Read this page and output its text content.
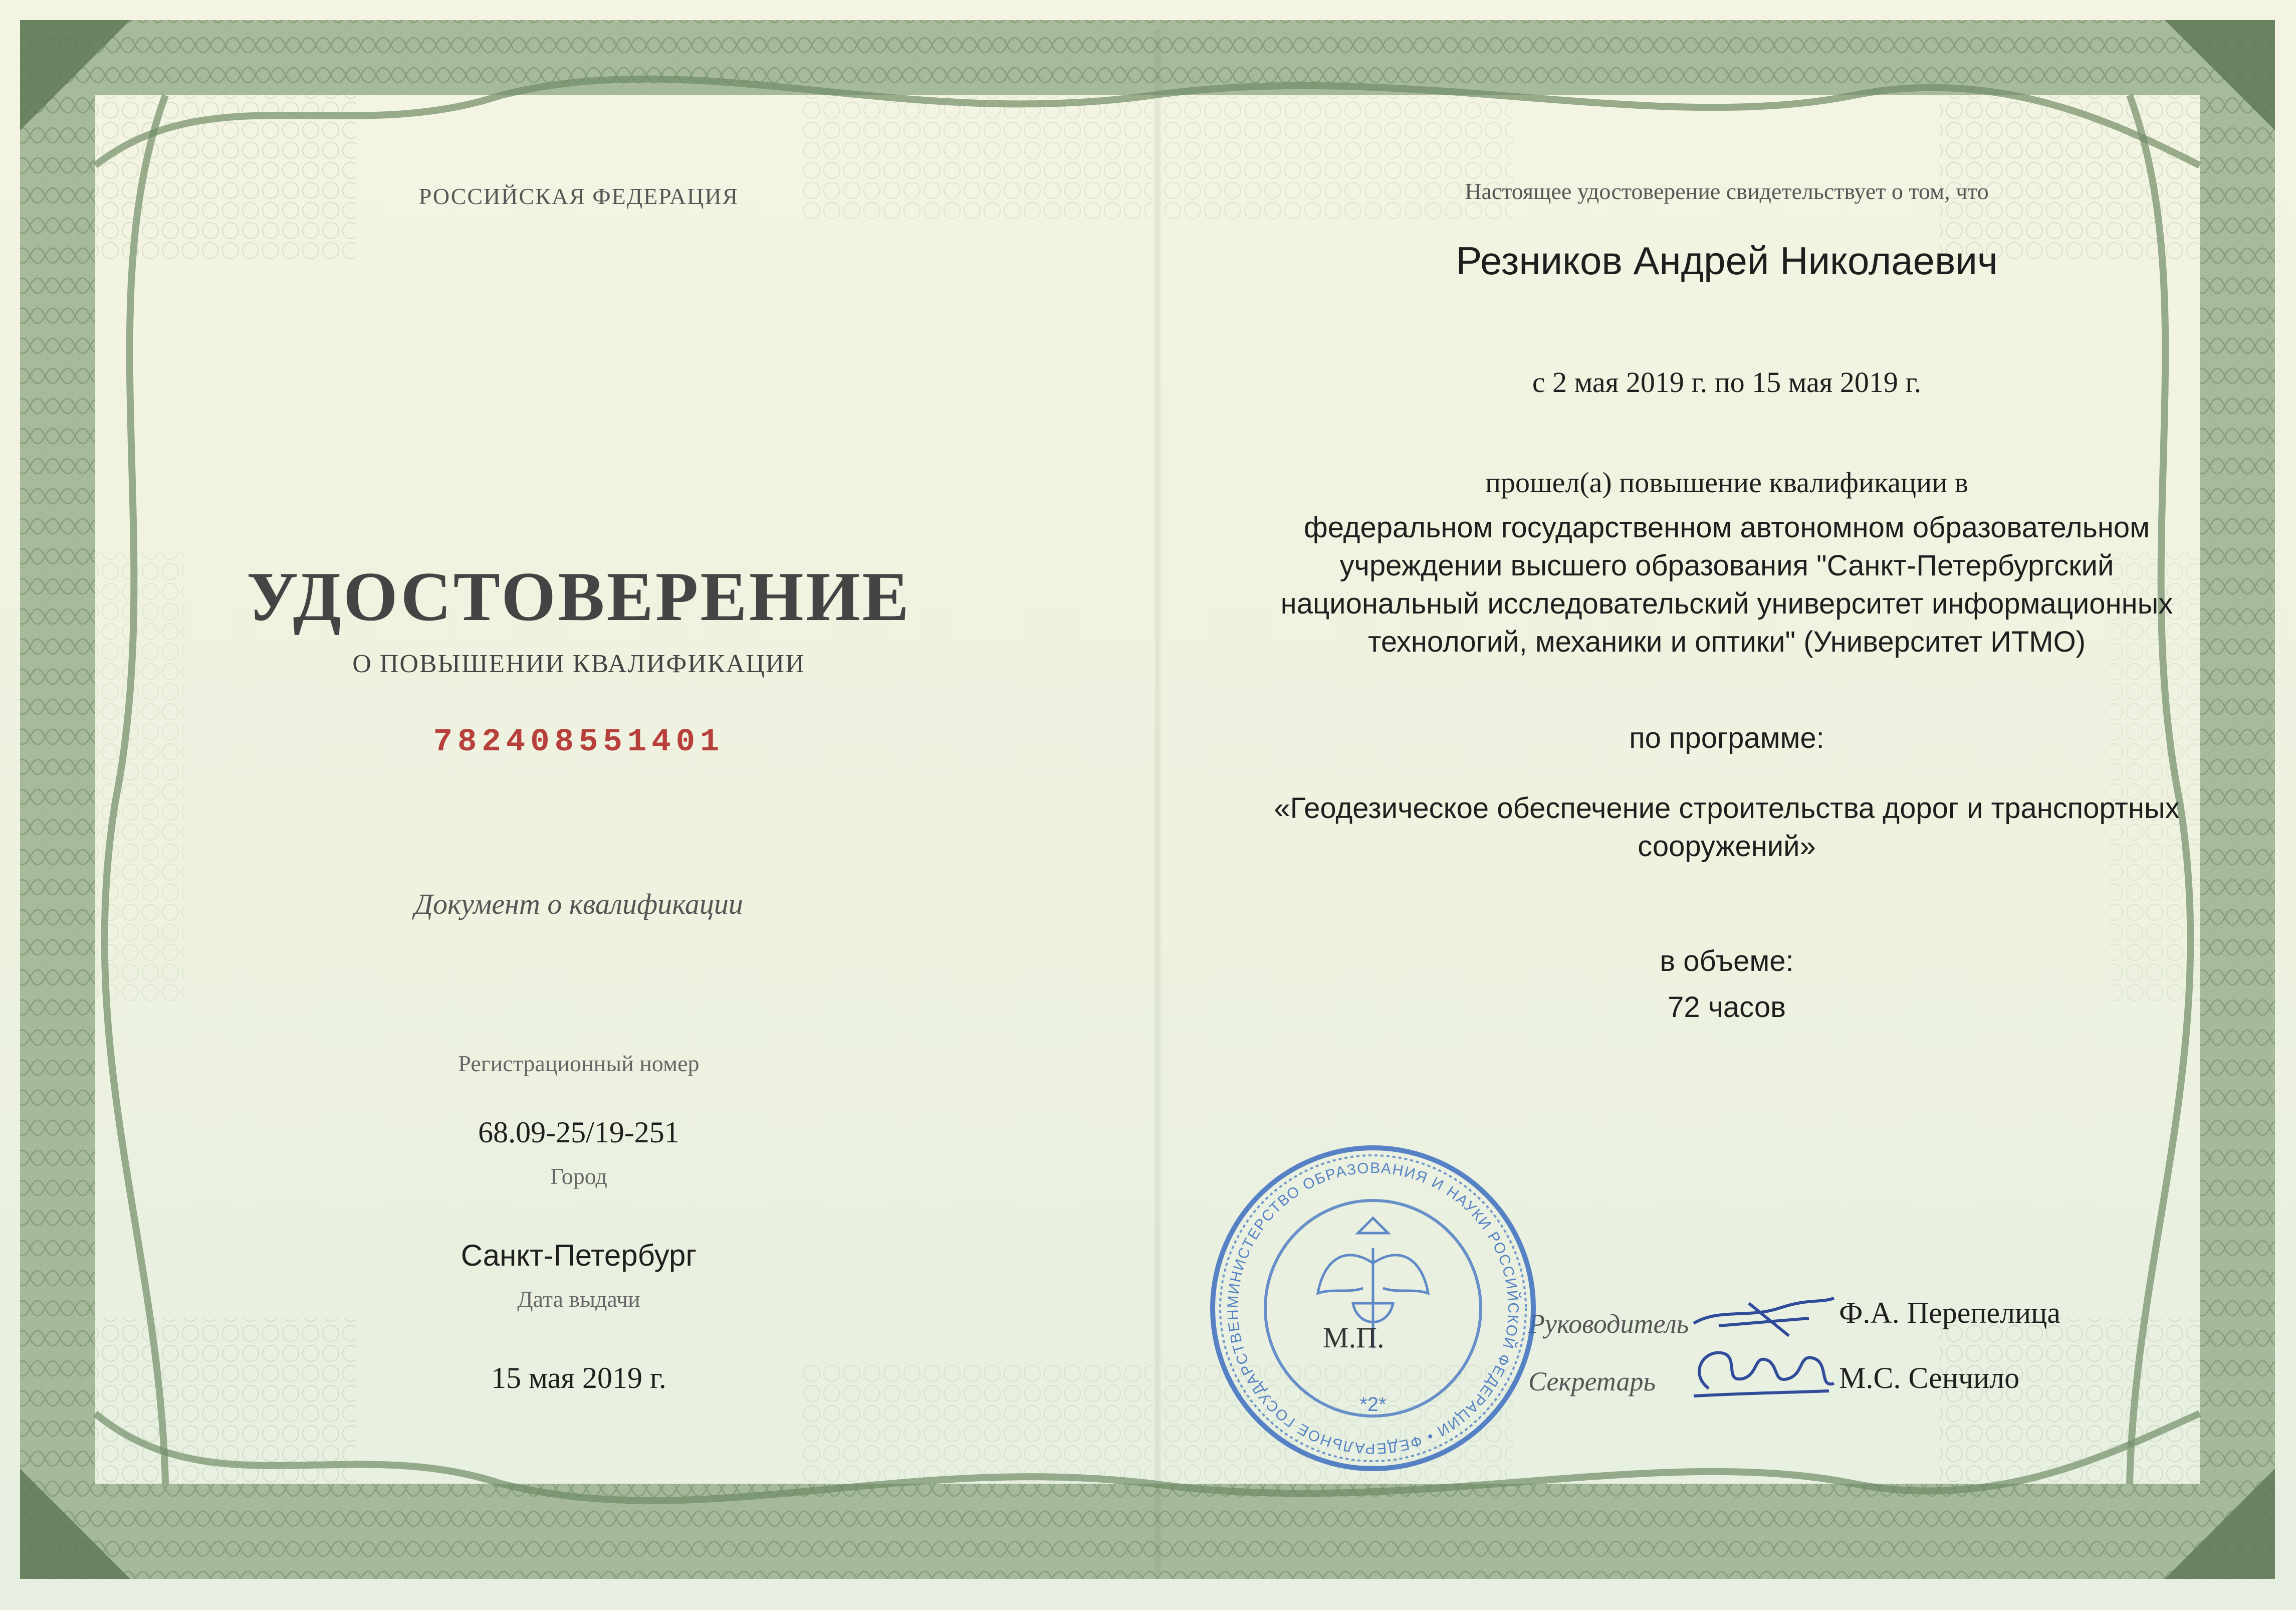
РОССИЙСКАЯ ФЕДЕРАЦИЯ
УДОСТОВЕРЕНИЕ
О ПОВЫШЕНИИ КВАЛИФИКАЦИИ
782408551401
Документ о квалификации
Регистрационный номер
68.09-25/19-251
Город
Санкт-Петербург
Дата выдачи
15 мая 2019 г.
Настоящее удостоверение свидетельствует о том, что
Резников Андрей Николаевич
с 2 мая 2019 г. по 15 мая 2019 г.
прошел(а) повышение квалификации в
федеральном государственном автономном образовательном
учреждении высшего образования "Санкт-Петербургский
национальный исследовательский университет информационных
технологий, механики и оптики" (Университет ИТМО)
по программе:
«Геодезическое обеспечение строительства дорог и транспортных
сооружений»
в объеме:
72 часов
Руководитель	Ф.А. Перепелица
Секретарь	М.С. Сенчило
МИНИСТЕРСТВО ОБРАЗОВАНИЯ И НАУКИ РОССИЙСКОЙ ФЕДЕРАЦИИ • ФЕДЕРАЛЬНОЕ ГОСУДАРСТВЕН
*2*
М.П.
